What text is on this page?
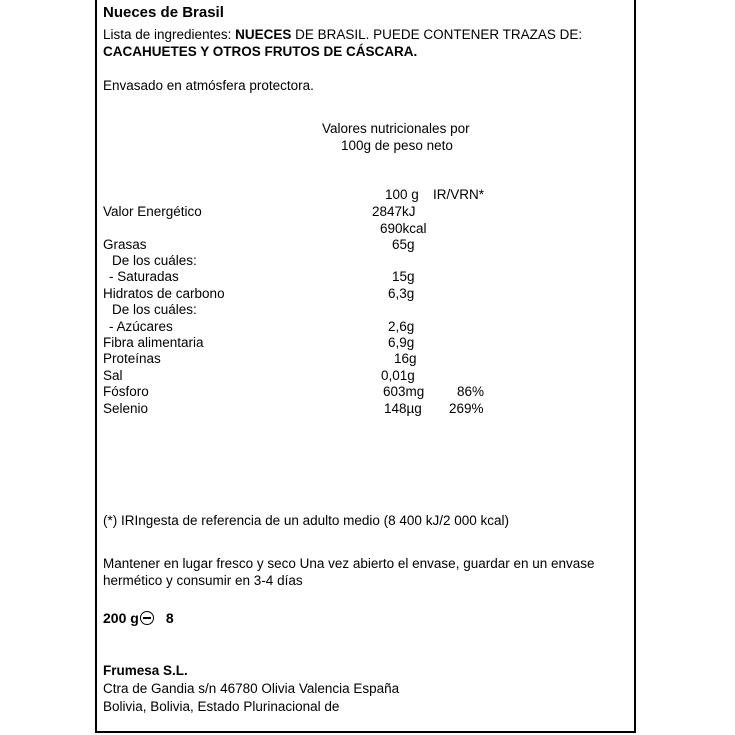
Nueces de Brasil
Lista de ingredientes: NUECES DE BRASIL. PUEDE CONTENER TRAZAS DE:
CACAHUETES Y OTROS FRUTOS DE CÁSCARA.
Envasado en atmósfera protectora.
Valores nutricionales por
100g de peso neto
100 g IR/VRN*
Valor Energético	2847kJ
690kcal
Grasas	65g
De los cuáles:
- Saturadas	15g
Hidratos de carbono	6,3g
De los cuáles:
- Azúcares	2,6g
Fibra alimentaria	6,9g
Proteínas	16g
Sal	0,01g
Fósforo	603mg 86%
Selenio	148µg 269%
(*) IRIngesta de referencia de un adulto medio (8 400 kJ/2 000 kcal)
Mantener en lugar fresco y seco Una vez abierto el envase, guardar en un envase
hermético y consumir en 3-4 días
200 g 8
Frumesa S.L.
Ctra de Gandia s/n 46780 Olivia Valencia España
Bolivia, Bolivia, Estado Plurinacional de
